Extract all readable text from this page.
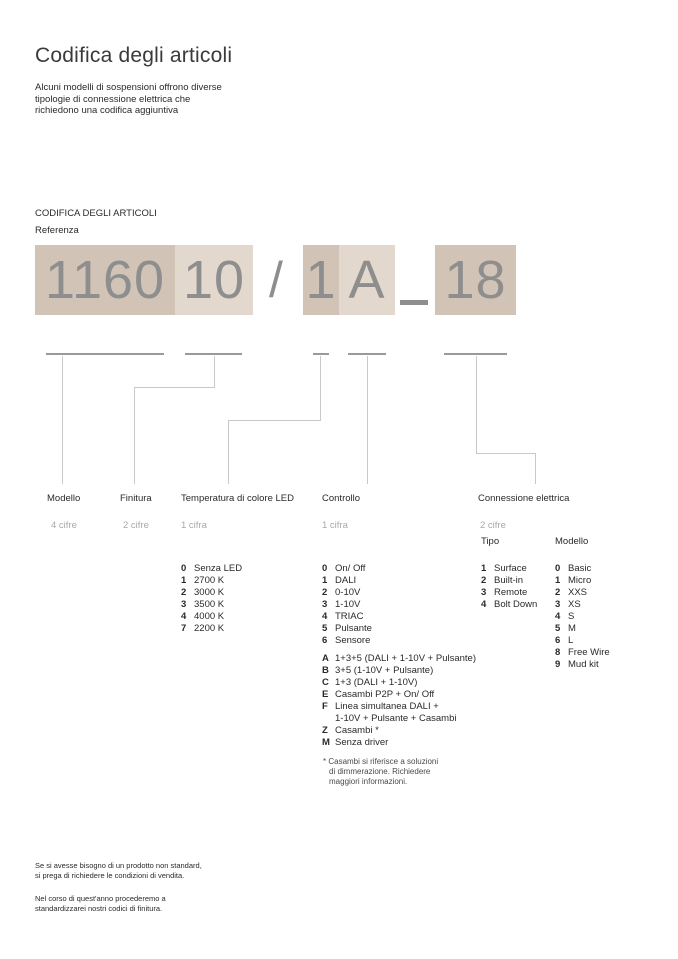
Codifica degli articoli
Alcuni modelli di sospensioni offrono diverse tipologie di connessione elettrica che richiedono una codifica aggiuntiva
CODIFICA DEGLI ARTICOLI
Referenza
1160 10 / 1 A 18
Modello
4 cifre
Finitura
2 cifre
Temperatura di colore LED
1 cifra
Controllo
1 cifra
Connessione elettrica
2 cifre
Tipo	Modello
0 Senza LED
1 2700 K
2 3000 K
3 3500 K
4 4000 K
7 2200 K
0 On/ Off
1 DALI
2 0-10V
3 1-10V
4 TRIAC
5 Pulsante
6 Sensore
A 1+3+5 (DALI + 1-10V + Pulsante)
B 3+5 (1-10V + Pulsante)
C 1+3 (DALI + 1-10V)
E Casambi P2P + On/ Off
F Linea simultanea DALI +
1-10V + Pulsante + Casambi
Z Casambi *
M Senza driver
* Casambi si riferisce a soluzioni
di dimmerazione. Richiedere
maggiori informazioni.
1 Surface
2 Built-in
3 Remote
4 Bolt Down
0 Basic
1 Micro
2 XXS
3 XS
4 S
5 M
6 L
8 Free Wire
9 Mud kit
Se si avesse bisogno di un prodotto non standard,
si prega di richiedere le condizioni di vendita.
Nel corso di quest'anno procederemo a
standardizzarei nostri codici di finitura.
